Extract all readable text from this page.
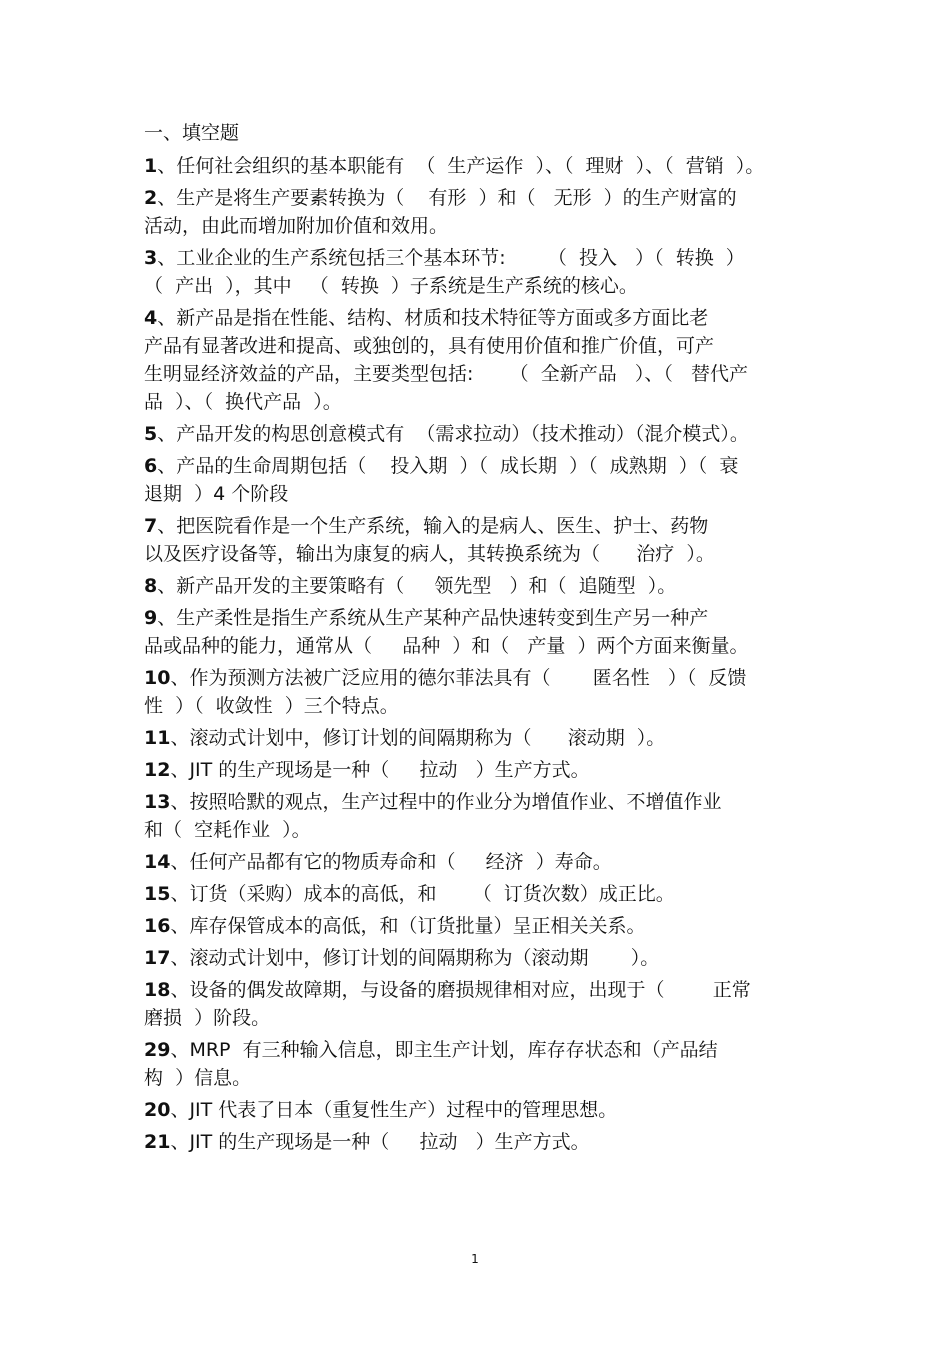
一、填空题
1、任何社会组织的基本职能有  （  生产运作  ）、（  理财  ）、（  营销  ）。
2、生产是将生产要素转换为（    有形  ）和（   无形  ）的生产财富的
活动，由此而增加附加价值和效用。
3、工业企业的生产系统包括三个基本环节:       （  投入   ）（  转换  ）
（  产出  ），其中   （  转换  ）子系统是生产系统的核心。
4、新产品是指在性能、结构、材质和技术特征等方面或多方面比老
产品有显著改进和提高、或独创的，具有使用价值和推广价值，可产
生明显经济效益的产品，主要类型包括:      （  全新产品   ）、（   替代产
品  ）、（  换代产品  ）。
5、产品开发的构思创意模式有  （需求拉动）（技术推动）（混介模式）。
6、产品的生命周期包括（    投入期  ）（  成长期  ）（  成熟期  ）（  衰
退期  ）4 个阶段
7、把医院看作是一个生产系统，输入的是病人、医生、护士、药物
以及医疗设备等，输出为康复的病人，其转换系统为（      治疗  ）。
8、新产品开发的主要策略有（     领先型   ）和（  追随型  ）。
9、生产柔性是指生产系统从生产某种产品快速转变到生产另一种产
品或品种的能力，通常从（     品种  ）和（   产量  ）两个方面来衡量。
10、作为预测方法被广泛应用的德尔菲法具有（       匿名性   ）（  反馈
性  ）（  收敛性  ）三个特点。
11、滚动式计划中，修订计划的间隔期称为（      滚动期  ）。
12、JIT 的生产现场是一种（     拉动   ）生产方式。
13、按照哈默的观点，生产过程中的作业分为增值作业、不增值作业
和（  空耗作业  ）。
14、任何产品都有它的物质寿命和（     经济  ）寿命。
15、订货（采购）成本的高低，和      （  订货次数）成正比。
16、库存保管成本的高低，和（订货批量）呈正相关关系。
17、滚动式计划中，修订计划的间隔期称为（滚动期       ）。
18、设备的偶发故障期，与设备的磨损规律相对应，出现于（        正常
磨损  ）阶段。
29、MRP  有三种输入信息，即主生产计划，库存存状态和（产品结
构  ）信息。
20、JIT 代表了日本（重复性生产）过程中的管理思想。
21、JIT 的生产现场是一种（     拉动   ）生产方式。
1
